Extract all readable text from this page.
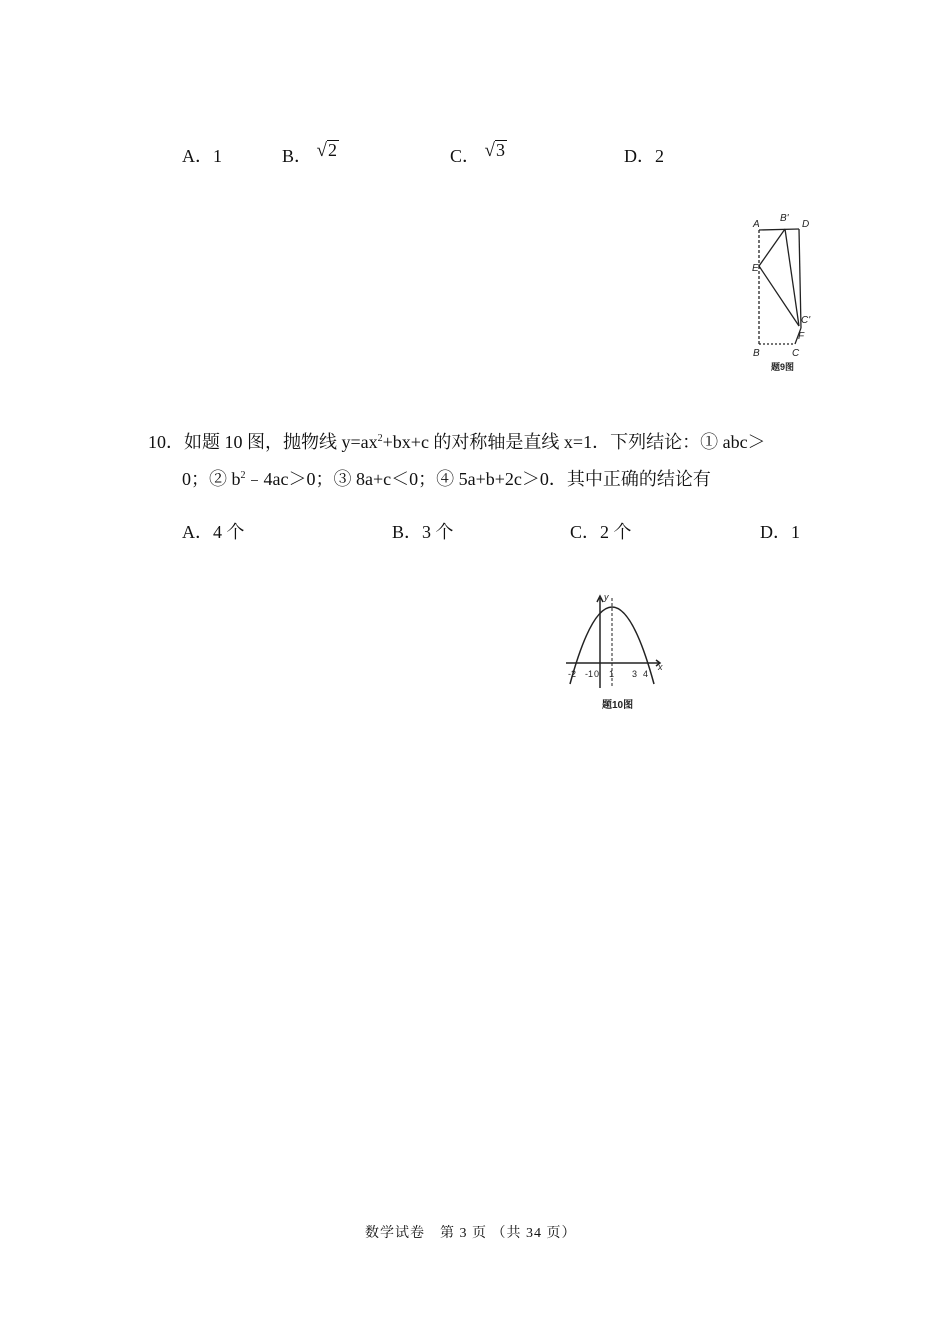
A．1	B． √2	C． √3	D．2
A
B'
D
E
C'
F
B	C
题9图
10．如题 10 图，抛物线 $y=ax^2+bx+c$ 的对称轴是直线 x=1．下列结论：① abc＞
0；② $b^2﹣4ac>0$；③ 8a+c＜0；④ 5a+b+2c＞0．其中正确的结论有
A．4 个	B．3 个	C．2 个	D．1
y
x
-2 -1 0 1 3 4
题10图
数学试卷　第 3 页 （共 34 页）
